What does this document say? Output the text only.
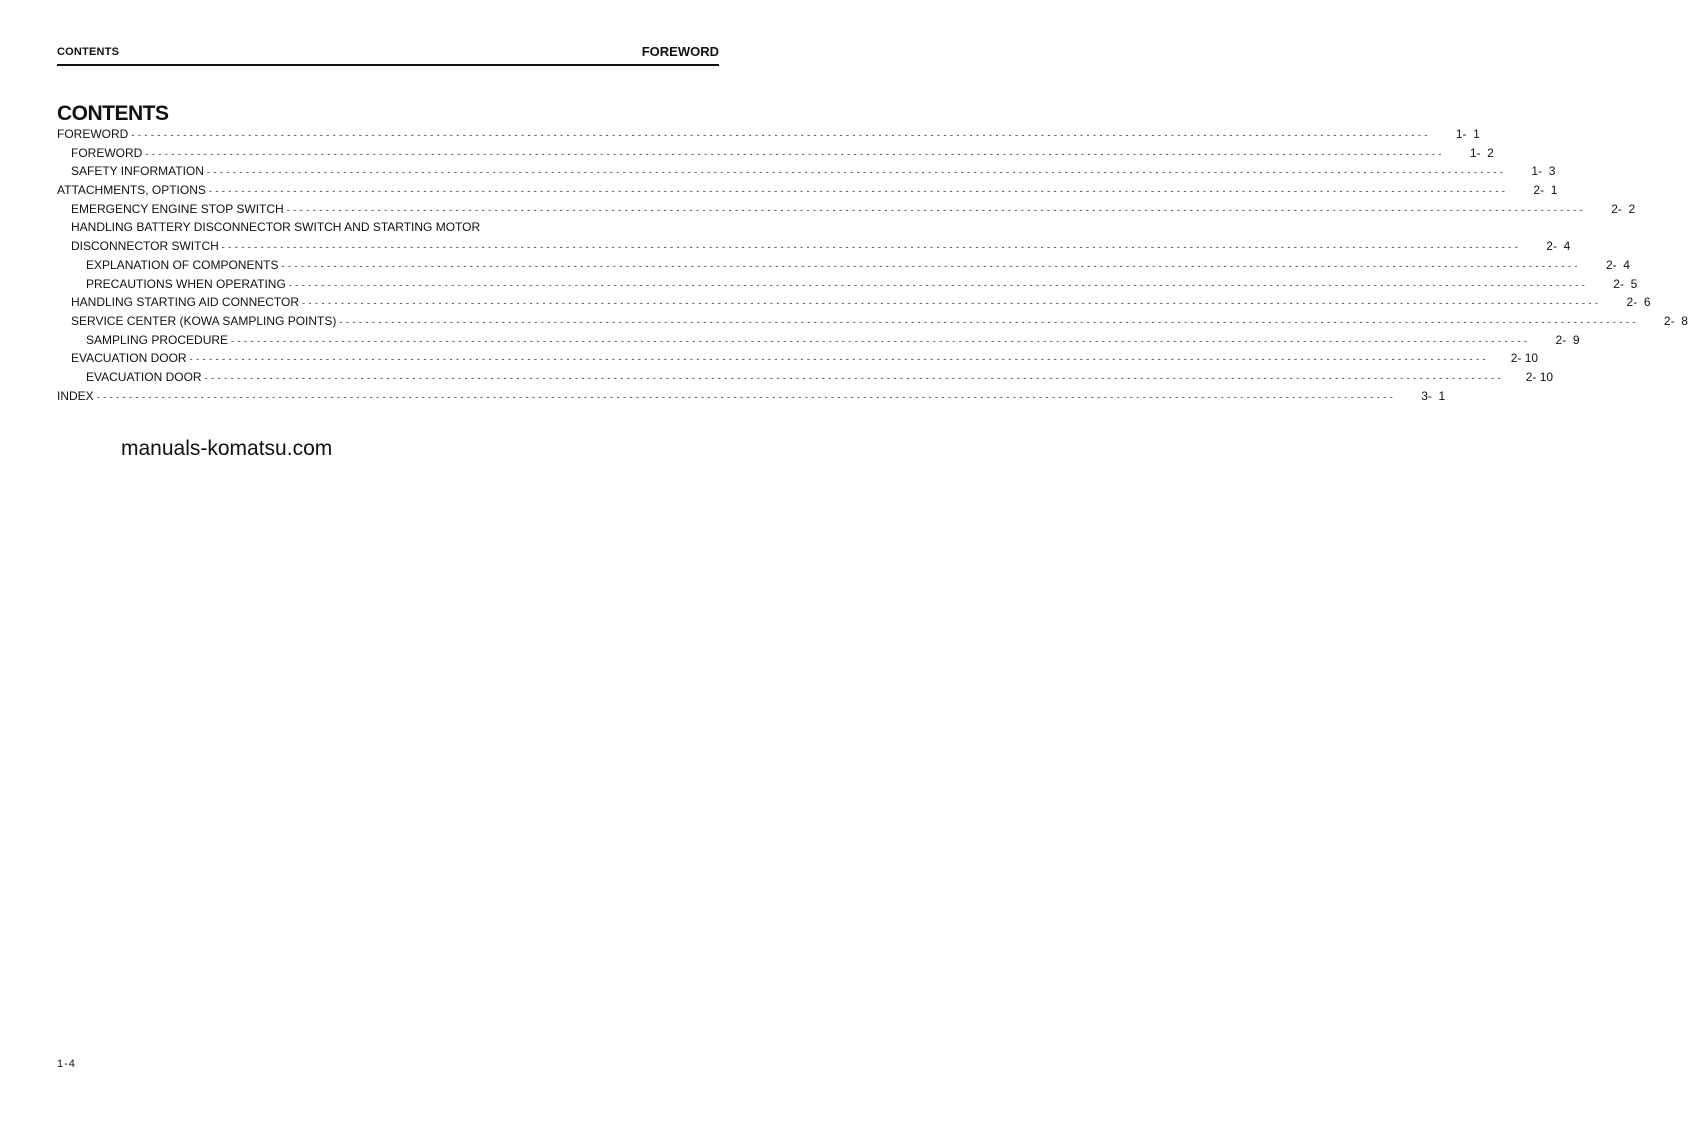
CONTENTS	FOREWORD
CONTENTS
FOREWORD - - - - - - - - - - - - - - - - - - - - - - - - - - - - - - - - - - - - - - - - - - - - - - - - - - - - - - - - - - - - - - - - - - - - - - - - - - - - - - - - - - - - - - - - - - - - - - - - - - - - - - - - - - - - - - - - - - - - - - - - - - - - - - - - - - - - - - - - - - - - - - - - - - - - - - - - - - - - - - - - - - - - - - - - - - - - - - - - - - - - - - - - - - - - - - - - - - - - - - - -	1-  1
FOREWORD - - - - - - - - - - - - - - - - - - - - - - - - - - - - - - - - - - - - - - - - - - - - - - - - - - - - - - - - - - - - - - - - - - - - - - - - - - - - - - - - - - - - - - - - - - - - - - - - - - - - - - - - - - - - - - - - - - - - - - - - - - - - - - - - - - - - - - - - - - - - - - - - - - - - - - - - - - - - - - - - - - - - - - - - - - - - - - - - - - - - - - - - - - - - - - - - - - - - - - - -	1-  2
SAFETY INFORMATION - - - - - - - - - - - - - - - - - - - - - - - - - - - - - - - - - - - - - - - - - - - - - - - - - - - - - - - - - - - - - - - - - - - - - - - - - - - - - - - - - - - - - - - - - - - - - - - - - - - - - - - - - - - - - - - - - - - - - - - - - - - - - - - - - - - - - - - - - - - - - - - - - - - - - - - - - - - - - - - - - - - - - - - - - - - - - - - - - - - - - - - - - - - - - - - - - - - - - - - -	1-  3
ATTACHMENTS, OPTIONS - - - - - - - - - - - - - - - - - - - - - - - - - - - - - - - - - - - - - - - - - - - - - - - - - - - - - - - - - - - - - - - - - - - - - - - - - - - - - - - - - - - - - - - - - - - - - - - - - - - - - - - - - - - - - - - - - - - - - - - - - - - - - - - - - - - - - - - - - - - - - - - - - - - - - - - - - - - - - - - - - - - - - - - - - - - - - - - - - - - - - - - - - - - - - - - - - - - - - - - -	2-  1
EMERGENCY ENGINE STOP SWITCH - - - - - - - - - - - - - - - - - - - - - - - - - - - - - - - - - - - - - - - - - - - - - - - - - - - - - - - - - - - - - - - - - - - - - - - - - - - - - - - - - - - - - - - - - - - - - - - - - - - - - - - - - - - - - - - - - - - - - - - - - - - - - - - - - - - - - - - - - - - - - - - - - - - - - - - - - - - - - - - - - - - - - - - - - - - - - - - - - - - - - - - - - - - - - - - - - - - - - - - -	2-  2
HANDLING BATTERY DISCONNECTOR SWITCH AND STARTING MOTOR
DISCONNECTOR SWITCH - - - - - - - - - - - - - - - - - - - - - - - - - - - - - - - - - - - - - - - - - - - - - - - - - - - - - - - - - - - - - - - - - - - - - - - - - - - - - - - - - - - - - - - - - - - - - - - - - - - - - - - - - - - - - - - - - - - - - - - - - - - - - - - - - - - - - - - - - - - - - - - - - - - - - - - - - - - - - - - - - - - - - - - - - - - - - - - - - - - - - - - - - - - - - - - - - - - - - - - -	2-  4
EXPLANATION OF COMPONENTS - - - - - - - - - - - - - - - - - - - - - - - - - - - - - - - - - - - - - - - - - - - - - - - - - - - - - - - - - - - - - - - - - - - - - - - - - - - - - - - - - - - - - - - - - - - - - - - - - - - - - - - - - - - - - - - - - - - - - - - - - - - - - - - - - - - - - - - - - - - - - - - - - - - - - - - - - - - - - - - - - - - - - - - - - - - - - - - - - - - - - - - - - - - - - - - - - - - - - - - -	2-  4
PRECAUTIONS WHEN OPERATING - - - - - - - - - - - - - - - - - - - - - - - - - - - - - - - - - - - - - - - - - - - - - - - - - - - - - - - - - - - - - - - - - - - - - - - - - - - - - - - - - - - - - - - - - - - - - - - - - - - - - - - - - - - - - - - - - - - - - - - - - - - - - - - - - - - - - - - - - - - - - - - - - - - - - - - - - - - - - - - - - - - - - - - - - - - - - - - - - - - - - - - - - - - - - - - - - - - - - - - -	2-  5
HANDLING STARTING AID CONNECTOR - - - - - - - - - - - - - - - - - - - - - - - - - - - - - - - - - - - - - - - - - - - - - - - - - - - - - - - - - - - - - - - - - - - - - - - - - - - - - - - - - - - - - - - - - - - - - - - - - - - - - - - - - - - - - - - - - - - - - - - - - - - - - - - - - - - - - - - - - - - - - - - - - - - - - - - - - - - - - - - - - - - - - - - - - - - - - - - - - - - - - - - - - - - - - - - - - - - - - - - -	2-  6
SERVICE CENTER (KOWA SAMPLING POINTS) - - - - - - - - - - - - - - - - - - - - - - - - - - - - - - - - - - - - - - - - - - - - - - - - - - - - - - - - - - - - - - - - - - - - - - - - - - - - - - - - - - - - - - - - - - - - - - - - - - - - - - - - - - - - - - - - - - - - - - - - - - - - - - - - - - - - - - - - - - - - - - - - - - - - - - - - - - - - - - - - - - - - - - - - - - - - - - - - - - - - - - - - - - - - - - - - - - - - - - - -	2-  8
SAMPLING PROCEDURE - - - - - - - - - - - - - - - - - - - - - - - - - - - - - - - - - - - - - - - - - - - - - - - - - - - - - - - - - - - - - - - - - - - - - - - - - - - - - - - - - - - - - - - - - - - - - - - - - - - - - - - - - - - - - - - - - - - - - - - - - - - - - - - - - - - - - - - - - - - - - - - - - - - - - - - - - - - - - - - - - - - - - - - - - - - - - - - - - - - - - - - - - - - - - - - - - - - - - - - -	2-  9
EVACUATION DOOR - - - - - - - - - - - - - - - - - - - - - - - - - - - - - - - - - - - - - - - - - - - - - - - - - - - - - - - - - - - - - - - - - - - - - - - - - - - - - - - - - - - - - - - - - - - - - - - - - - - - - - - - - - - - - - - - - - - - - - - - - - - - - - - - - - - - - - - - - - - - - - - - - - - - - - - - - - - - - - - - - - - - - - - - - - - - - - - - - - - - - - - - - - - - - - - - - - - - - - - -	2- 10
EVACUATION DOOR - - - - - - - - - - - - - - - - - - - - - - - - - - - - - - - - - - - - - - - - - - - - - - - - - - - - - - - - - - - - - - - - - - - - - - - - - - - - - - - - - - - - - - - - - - - - - - - - - - - - - - - - - - - - - - - - - - - - - - - - - - - - - - - - - - - - - - - - - - - - - - - - - - - - - - - - - - - - - - - - - - - - - - - - - - - - - - - - - - - - - - - - - - - - - - - - - - - - - - - -	2- 10
INDEX - - - - - - - - - - - - - - - - - - - - - - - - - - - - - - - - - - - - - - - - - - - - - - - - - - - - - - - - - - - - - - - - - - - - - - - - - - - - - - - - - - - - - - - - - - - - - - - - - - - - - - - - - - - - - - - - - - - - - - - - - - - - - - - - - - - - - - - - - - - - - - - - - - - - - - - - - - - - - - - - - - - - - - - - - - - - - - - - - - - - - - - - - - - - - - - - - - - - - - - -	3-  1
manuals-komatsu.com
1-4
